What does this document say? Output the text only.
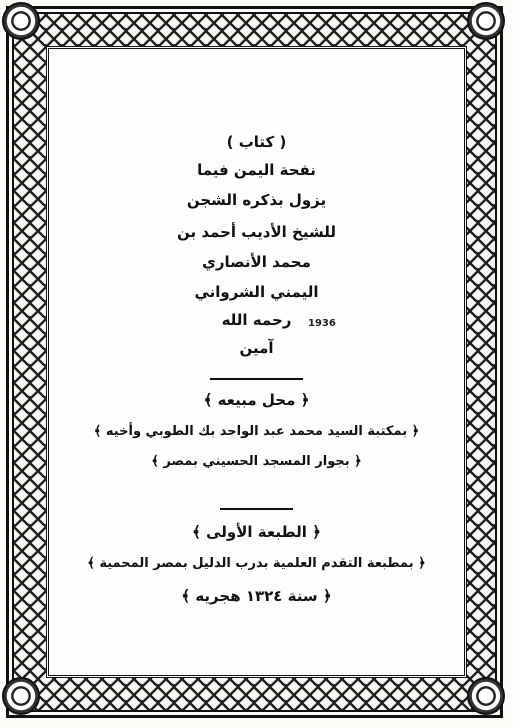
( كتاب )
نفحة اليمن فيما
يزول بذكره الشجن
للشيخ الأديب أحمد بن
محمد الأنصاري
اليمني الشرواني
رحمه الله
آمين
1936
﴿ محل مبيعه ﴾
﴿ بمكتبة السيد محمد عبد الواحد بك الطوبي وأخيه ﴾
﴿ بجوار المسجد الحسيني بمصر ﴾
﴿ الطبعة الأولى ﴾
﴿ بمطبعة التقدم العلمية بدرب الدليل بمصر المحمية ﴾
﴿ سنة ١٣٢٤ هجريه ﴾
